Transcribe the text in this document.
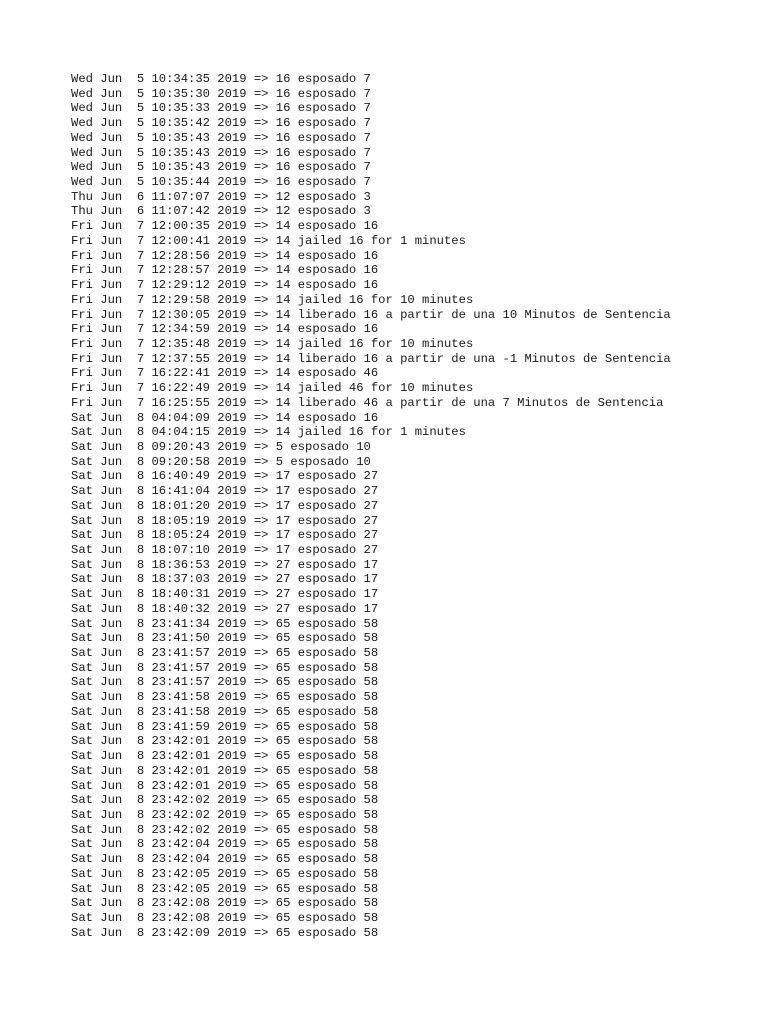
Wed Jun  5 10:34:35 2019 => 16 esposado 7
Wed Jun  5 10:35:30 2019 => 16 esposado 7
Wed Jun  5 10:35:33 2019 => 16 esposado 7
Wed Jun  5 10:35:42 2019 => 16 esposado 7
Wed Jun  5 10:35:43 2019 => 16 esposado 7
Wed Jun  5 10:35:43 2019 => 16 esposado 7
Wed Jun  5 10:35:43 2019 => 16 esposado 7
Wed Jun  5 10:35:44 2019 => 16 esposado 7
Thu Jun  6 11:07:07 2019 => 12 esposado 3
Thu Jun  6 11:07:42 2019 => 12 esposado 3
Fri Jun  7 12:00:35 2019 => 14 esposado 16
Fri Jun  7 12:00:41 2019 => 14 jailed 16 for 1 minutes
Fri Jun  7 12:28:56 2019 => 14 esposado 16
Fri Jun  7 12:28:57 2019 => 14 esposado 16
Fri Jun  7 12:29:12 2019 => 14 esposado 16
Fri Jun  7 12:29:58 2019 => 14 jailed 16 for 10 minutes
Fri Jun  7 12:30:05 2019 => 14 liberado 16 a partir de una 10 Minutos de Sentencia
Fri Jun  7 12:34:59 2019 => 14 esposado 16
Fri Jun  7 12:35:48 2019 => 14 jailed 16 for 10 minutes
Fri Jun  7 12:37:55 2019 => 14 liberado 16 a partir de una -1 Minutos de Sentencia
Fri Jun  7 16:22:41 2019 => 14 esposado 46
Fri Jun  7 16:22:49 2019 => 14 jailed 46 for 10 minutes
Fri Jun  7 16:25:55 2019 => 14 liberado 46 a partir de una 7 Minutos de Sentencia
Sat Jun  8 04:04:09 2019 => 14 esposado 16
Sat Jun  8 04:04:15 2019 => 14 jailed 16 for 1 minutes
Sat Jun  8 09:20:43 2019 => 5 esposado 10
Sat Jun  8 09:20:58 2019 => 5 esposado 10
Sat Jun  8 16:40:49 2019 => 17 esposado 27
Sat Jun  8 16:41:04 2019 => 17 esposado 27
Sat Jun  8 18:01:20 2019 => 17 esposado 27
Sat Jun  8 18:05:19 2019 => 17 esposado 27
Sat Jun  8 18:05:24 2019 => 17 esposado 27
Sat Jun  8 18:07:10 2019 => 17 esposado 27
Sat Jun  8 18:36:53 2019 => 27 esposado 17
Sat Jun  8 18:37:03 2019 => 27 esposado 17
Sat Jun  8 18:40:31 2019 => 27 esposado 17
Sat Jun  8 18:40:32 2019 => 27 esposado 17
Sat Jun  8 23:41:34 2019 => 65 esposado 58
Sat Jun  8 23:41:50 2019 => 65 esposado 58
Sat Jun  8 23:41:57 2019 => 65 esposado 58
Sat Jun  8 23:41:57 2019 => 65 esposado 58
Sat Jun  8 23:41:57 2019 => 65 esposado 58
Sat Jun  8 23:41:58 2019 => 65 esposado 58
Sat Jun  8 23:41:58 2019 => 65 esposado 58
Sat Jun  8 23:41:59 2019 => 65 esposado 58
Sat Jun  8 23:42:01 2019 => 65 esposado 58
Sat Jun  8 23:42:01 2019 => 65 esposado 58
Sat Jun  8 23:42:01 2019 => 65 esposado 58
Sat Jun  8 23:42:01 2019 => 65 esposado 58
Sat Jun  8 23:42:02 2019 => 65 esposado 58
Sat Jun  8 23:42:02 2019 => 65 esposado 58
Sat Jun  8 23:42:02 2019 => 65 esposado 58
Sat Jun  8 23:42:04 2019 => 65 esposado 58
Sat Jun  8 23:42:04 2019 => 65 esposado 58
Sat Jun  8 23:42:05 2019 => 65 esposado 58
Sat Jun  8 23:42:05 2019 => 65 esposado 58
Sat Jun  8 23:42:08 2019 => 65 esposado 58
Sat Jun  8 23:42:08 2019 => 65 esposado 58
Sat Jun  8 23:42:09 2019 => 65 esposado 58
